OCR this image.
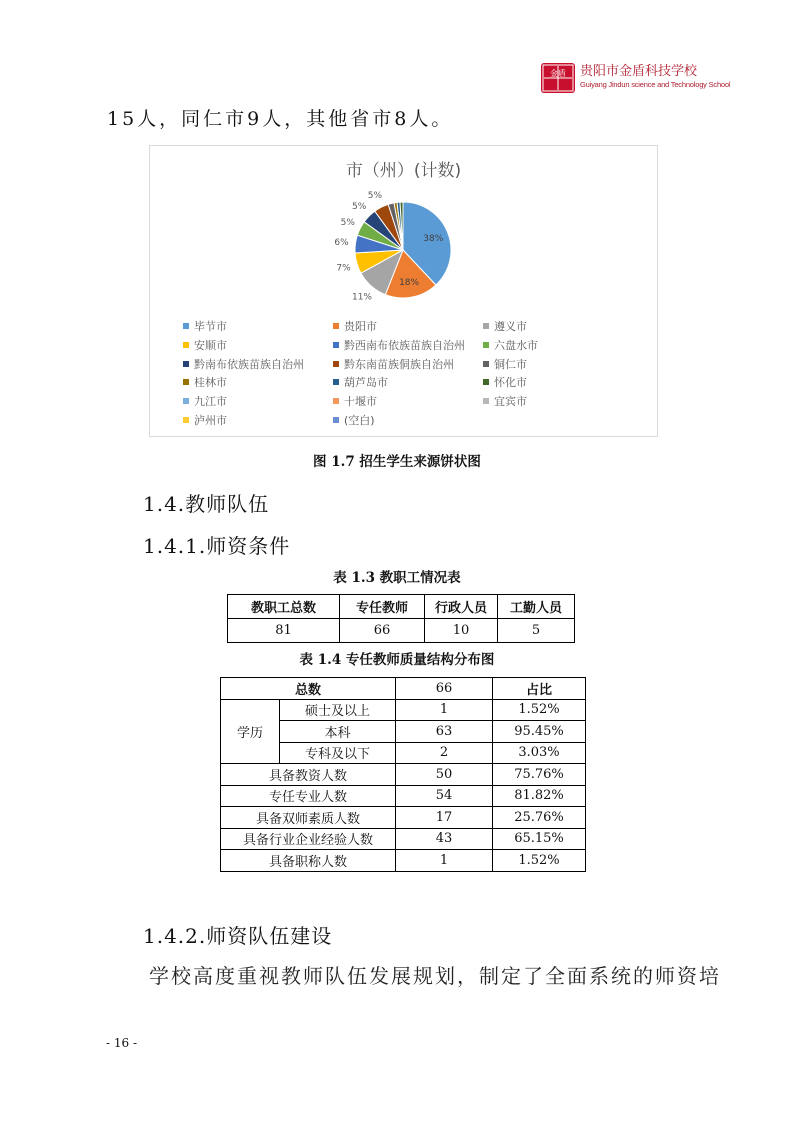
金盾 贵阳市金盾科技学校
Guiyang Jindun science and Technology School
15人，同仁市9人，其他省市8人。
市（州）(计数)
38%
18%
11%
7%
6%
5%
5%
5%
毕节市	贵阳市	遵义市
安顺市	黔西南布依族苗族自治州	六盘水市
黔南布依族苗族自治州	黔东南苗族侗族自治州	铜仁市
桂林市	葫芦岛市	怀化市
九江市	十堰市	宜宾市
泸州市	(空白)
图 1.7 招生学生来源饼状图
1.4.教师队伍
1.4.1.师资条件
表 1.3 教职工情况表
教职工总数	专任教师	行政人员	工勤人员
81	66	10	5
表 1.4 专任教师质量结构分布图
总数		66	占比
学历	硕士及以上	1	1.52%
	本科	63	95.45%
	专科及以下	2	3.03%
具备教资人数		50	75.76%
专任专业人数		54	81.82%
具备双师素质人数		17	25.76%
具备行业企业经验人数		43	65.15%
具备职称人数		1	1.52%
1.4.2.师资队伍建设
学校高度重视教师队伍发展规划，制定了全面系统的师资培
- 16 -
